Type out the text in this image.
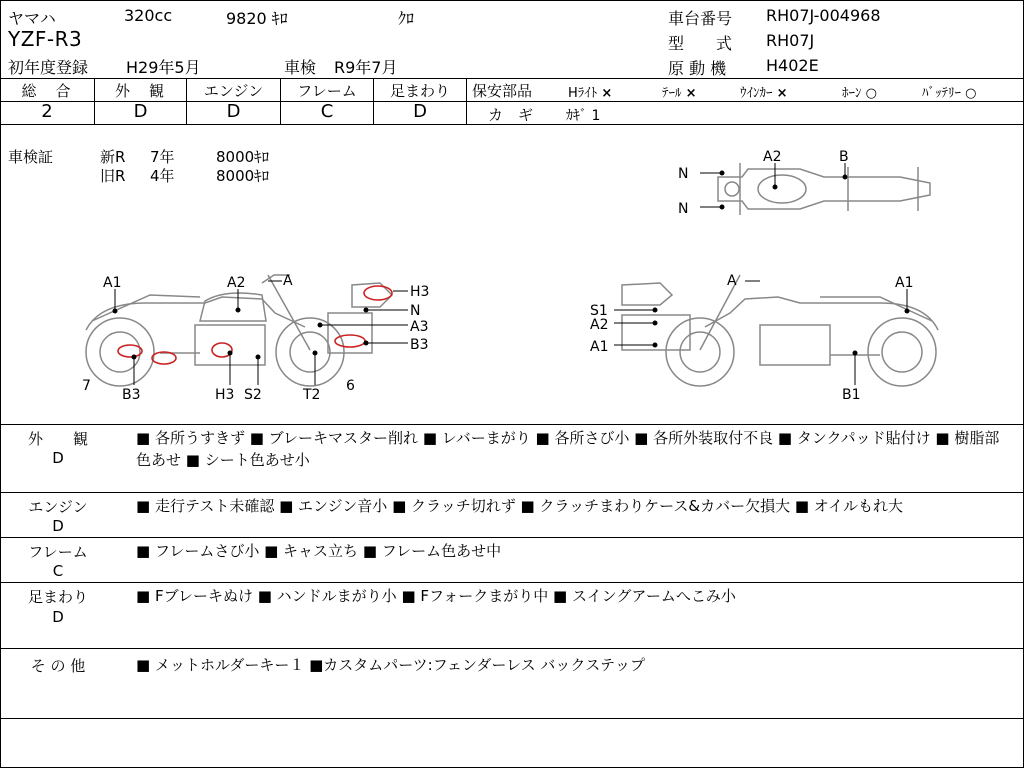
ヤマハ	320cc	9820 ｷﾛ	ｸﾛ
YZF-R3
初年度登録 H29年5月	車検 R9年7月
車台番号 RH07J-004968
型　　式 RH07J
原 動 機 H402E
総　合	外　観	エンジン	フレーム	足まわり
2	D	D	C	D
保安部品	Hﾗｲﾄ ×	ﾃｰﾙ ×	ｳｲﾝｶｰ ×	ﾎｰﾝ ○	ﾊﾞｯﾃﾘｰ ○
カ　ギ ｶｷﾞ 1
車検証	新R 7年	8000ｷﾛ
旧R 4年	8000ｷﾛ
A2	B
N
N
A1	A2	A
H3
N
A3
B3
7
B3	H3 S2	T2
6
A	A1
S1
A2
A1
B1
外　　観
D
■ 各所うすきず ■ ブレーキマスター削れ ■ レバーまがり ■ 各所さび小 ■ 各所外装取付不良 ■ タンクパッド貼付け ■ 樹脂部色あせ ■ シート色あせ小
エンジン
D
■ 走行テスト未確認 ■ エンジン音小 ■ クラッチ切れず ■ クラッチまわりケース&カバー欠損大 ■ オイルもれ大
フレーム
C
■ フレームさび小 ■ キャス立ち ■ フレーム色あせ中
足まわり
D
■ Fブレーキぬけ ■ ハンドルまがり小 ■ Fフォークまがり中 ■ スイングアームへこみ小
そ の 他	■ メットホルダーキー１ ■カスタムパーツ:フェンダーレス バックステップ
